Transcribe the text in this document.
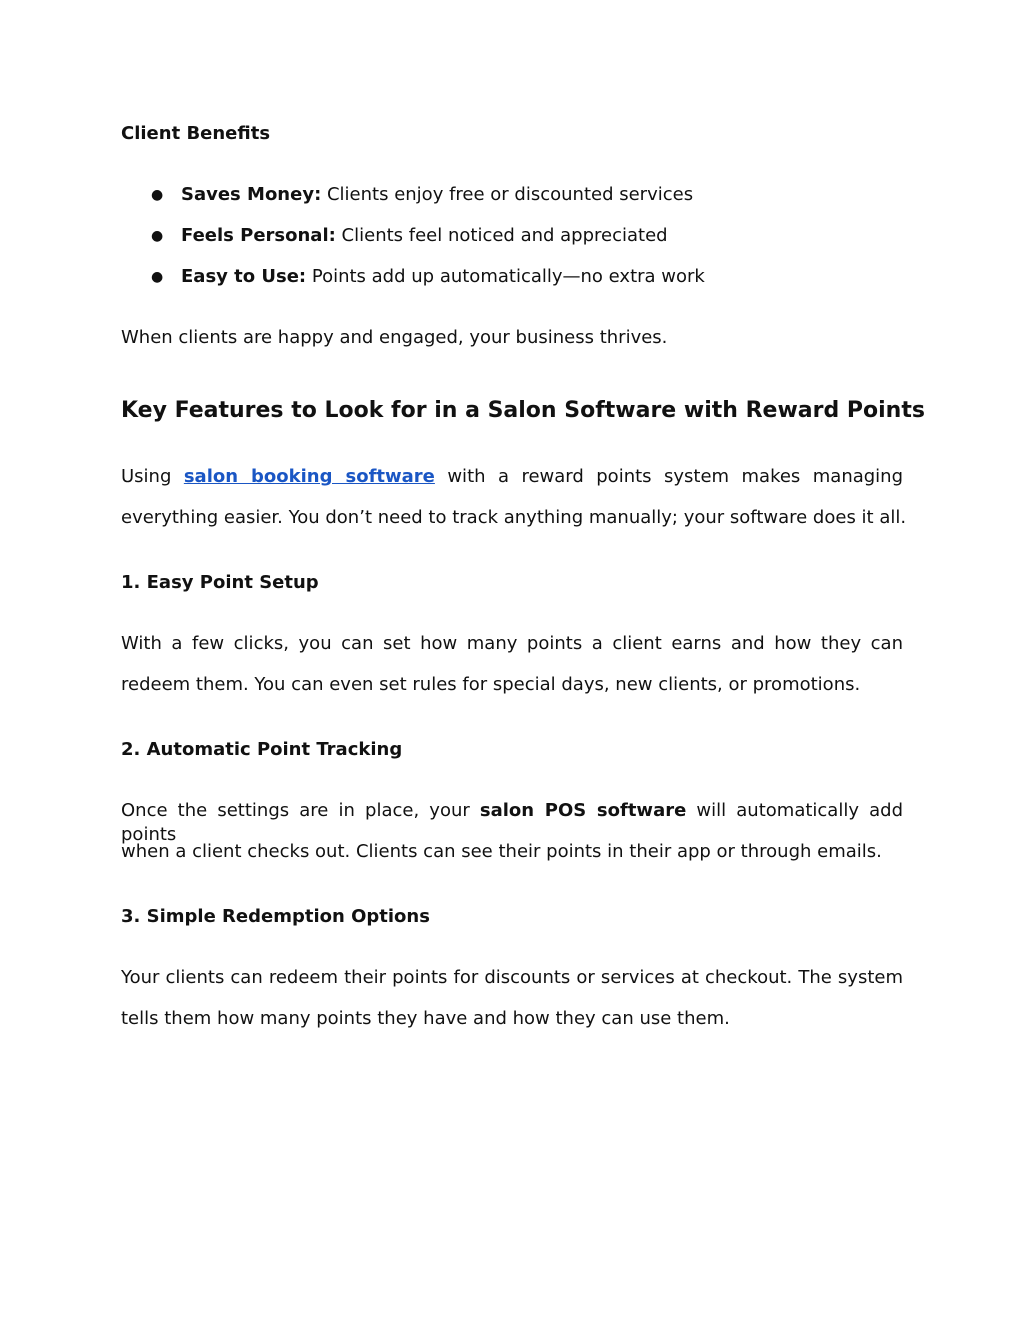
Client Benefits
● Saves Money: Clients enjoy free or discounted services
● Feels Personal: Clients feel noticed and appreciated
● Easy to Use: Points add up automatically—no extra work
When clients are happy and engaged, your business thrives.
Key Features to Look for in a Salon Software with Reward Points
Using salon booking software with a reward points system makes managing
everything easier. You don’t need to track anything manually; your software does it all.
1. Easy Point Setup
With a few clicks, you can set how many points a client earns and how they can
redeem them. You can even set rules for special days, new clients, or promotions.
2. Automatic Point Tracking
Once the settings are in place, your salon POS software will automatically add points
when a client checks out. Clients can see their points in their app or through emails.
3. Simple Redemption Options
Your clients can redeem their points for discounts or services at checkout. The system
tells them how many points they have and how they can use them.
